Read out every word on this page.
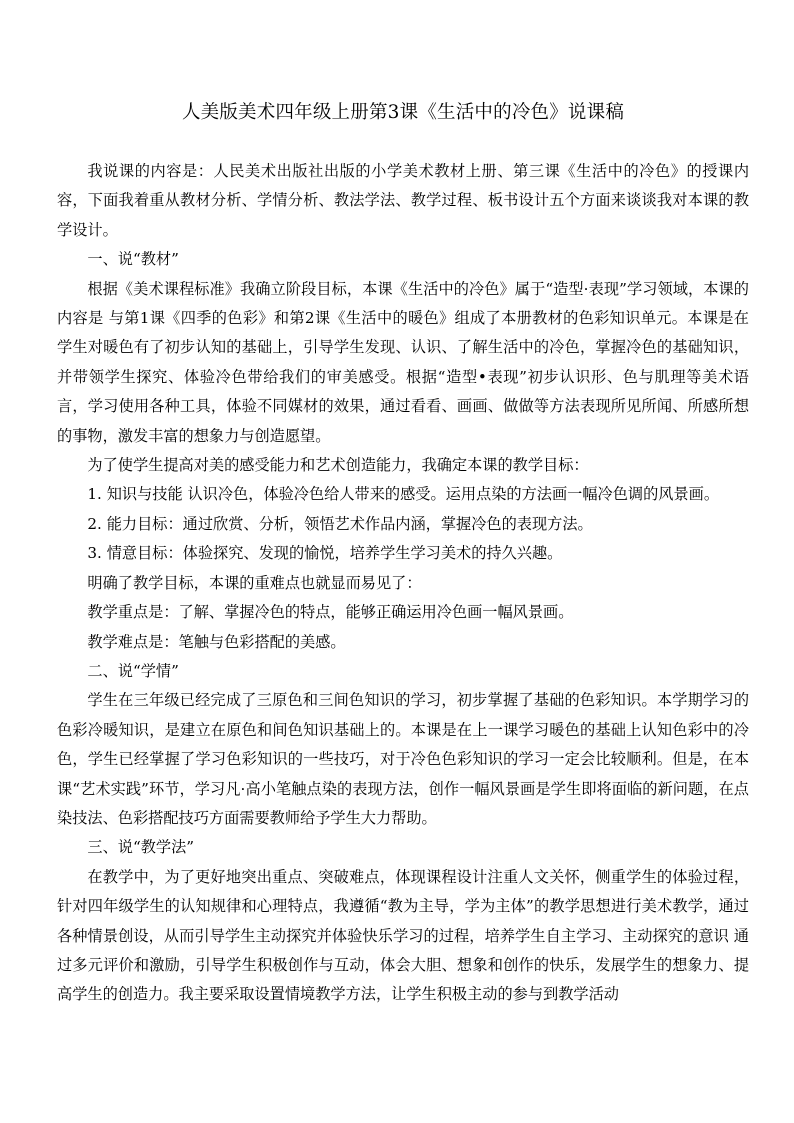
人美版美术四年级上册第3课《生活中的冷色》说课稿

我说课的内容是：人民美术出版社出版的小学美术教材上册、第三课《生活中的冷色》的授课内容，下面我着重从教材分析、学情分析、教法学法、教学过程、板书设计五个方面来谈谈我对本课的教学设计。

一、说“教材”

根据《美术课程标准》我确立阶段目标，本课《生活中的冷色》属于“造型·表现”学习领域，本课的内容是 与第1课《四季的色彩》和第2课《生活中的暖色》组成了本册教材的色彩知识单元。本课是在学生对暖色有了初步认知的基础上，引导学生发现、认识、了解生活中的冷色，掌握冷色的基础知识，并带领学生探究、体验冷色带给我们的审美感受。根据“造型•表现”初步认识形、色与肌理等美术语言，学习使用各种工具，体验不同媒材的效果，通过看看、画画、做做等方法表现所见所闻、所感所想的事物，激发丰富的想象力与创造愿望。

为了使学生提高对美的感受能力和艺术创造能力，我确定本课的教学目标：

1. 知识与技能 认识冷色，体验冷色给人带来的感受。运用点染的方法画一幅冷色调的风景画。

2. 能力目标：通过欣赏、分析，领悟艺术作品内涵，掌握冷色的表现方法。

3. 情意目标：体验探究、发现的愉悦，培养学生学习美术的持久兴趣。

明确了教学目标，本课的重难点也就显而易见了：

教学重点是：了解、掌握冷色的特点，能够正确运用冷色画一幅风景画。

教学难点是：笔触与色彩搭配的美感。

二、说“学情”

学生在三年级已经完成了三原色和三间色知识的学习，初步掌握了基础的色彩知识。本学期学习的色彩冷暖知识，是建立在原色和间色知识基础上的。本课是在上一课学习暖色的基础上认知色彩中的冷色，学生已经掌握了学习色彩知识的一些技巧，对于冷色色彩知识的学习一定会比较顺利。但是，在本课“艺术实践”环节，学习凡·高小笔触点染的表现方法，创作一幅风景画是学生即将面临的新问题，在点染技法、色彩搭配技巧方面需要教师给予学生大力帮助。

三、说“教学法”

在教学中，为了更好地突出重点、突破难点，体现课程设计注重人文关怀，侧重学生的体验过程，针对四年级学生的认知规律和心理特点，我遵循“教为主导，学为主体”的教学思想进行美术教学，通过各种情景创设，从而引导学生主动探究并体验快乐学习的过程，培养学生自主学习、主动探究的意识 通过多元评价和激励，引导学生积极创作与互动，体会大胆、想象和创作的快乐，发展学生的想象力、提高学生的创造力。我主要采取设置情境教学方法，让学生积极主动的参与到教学活动
